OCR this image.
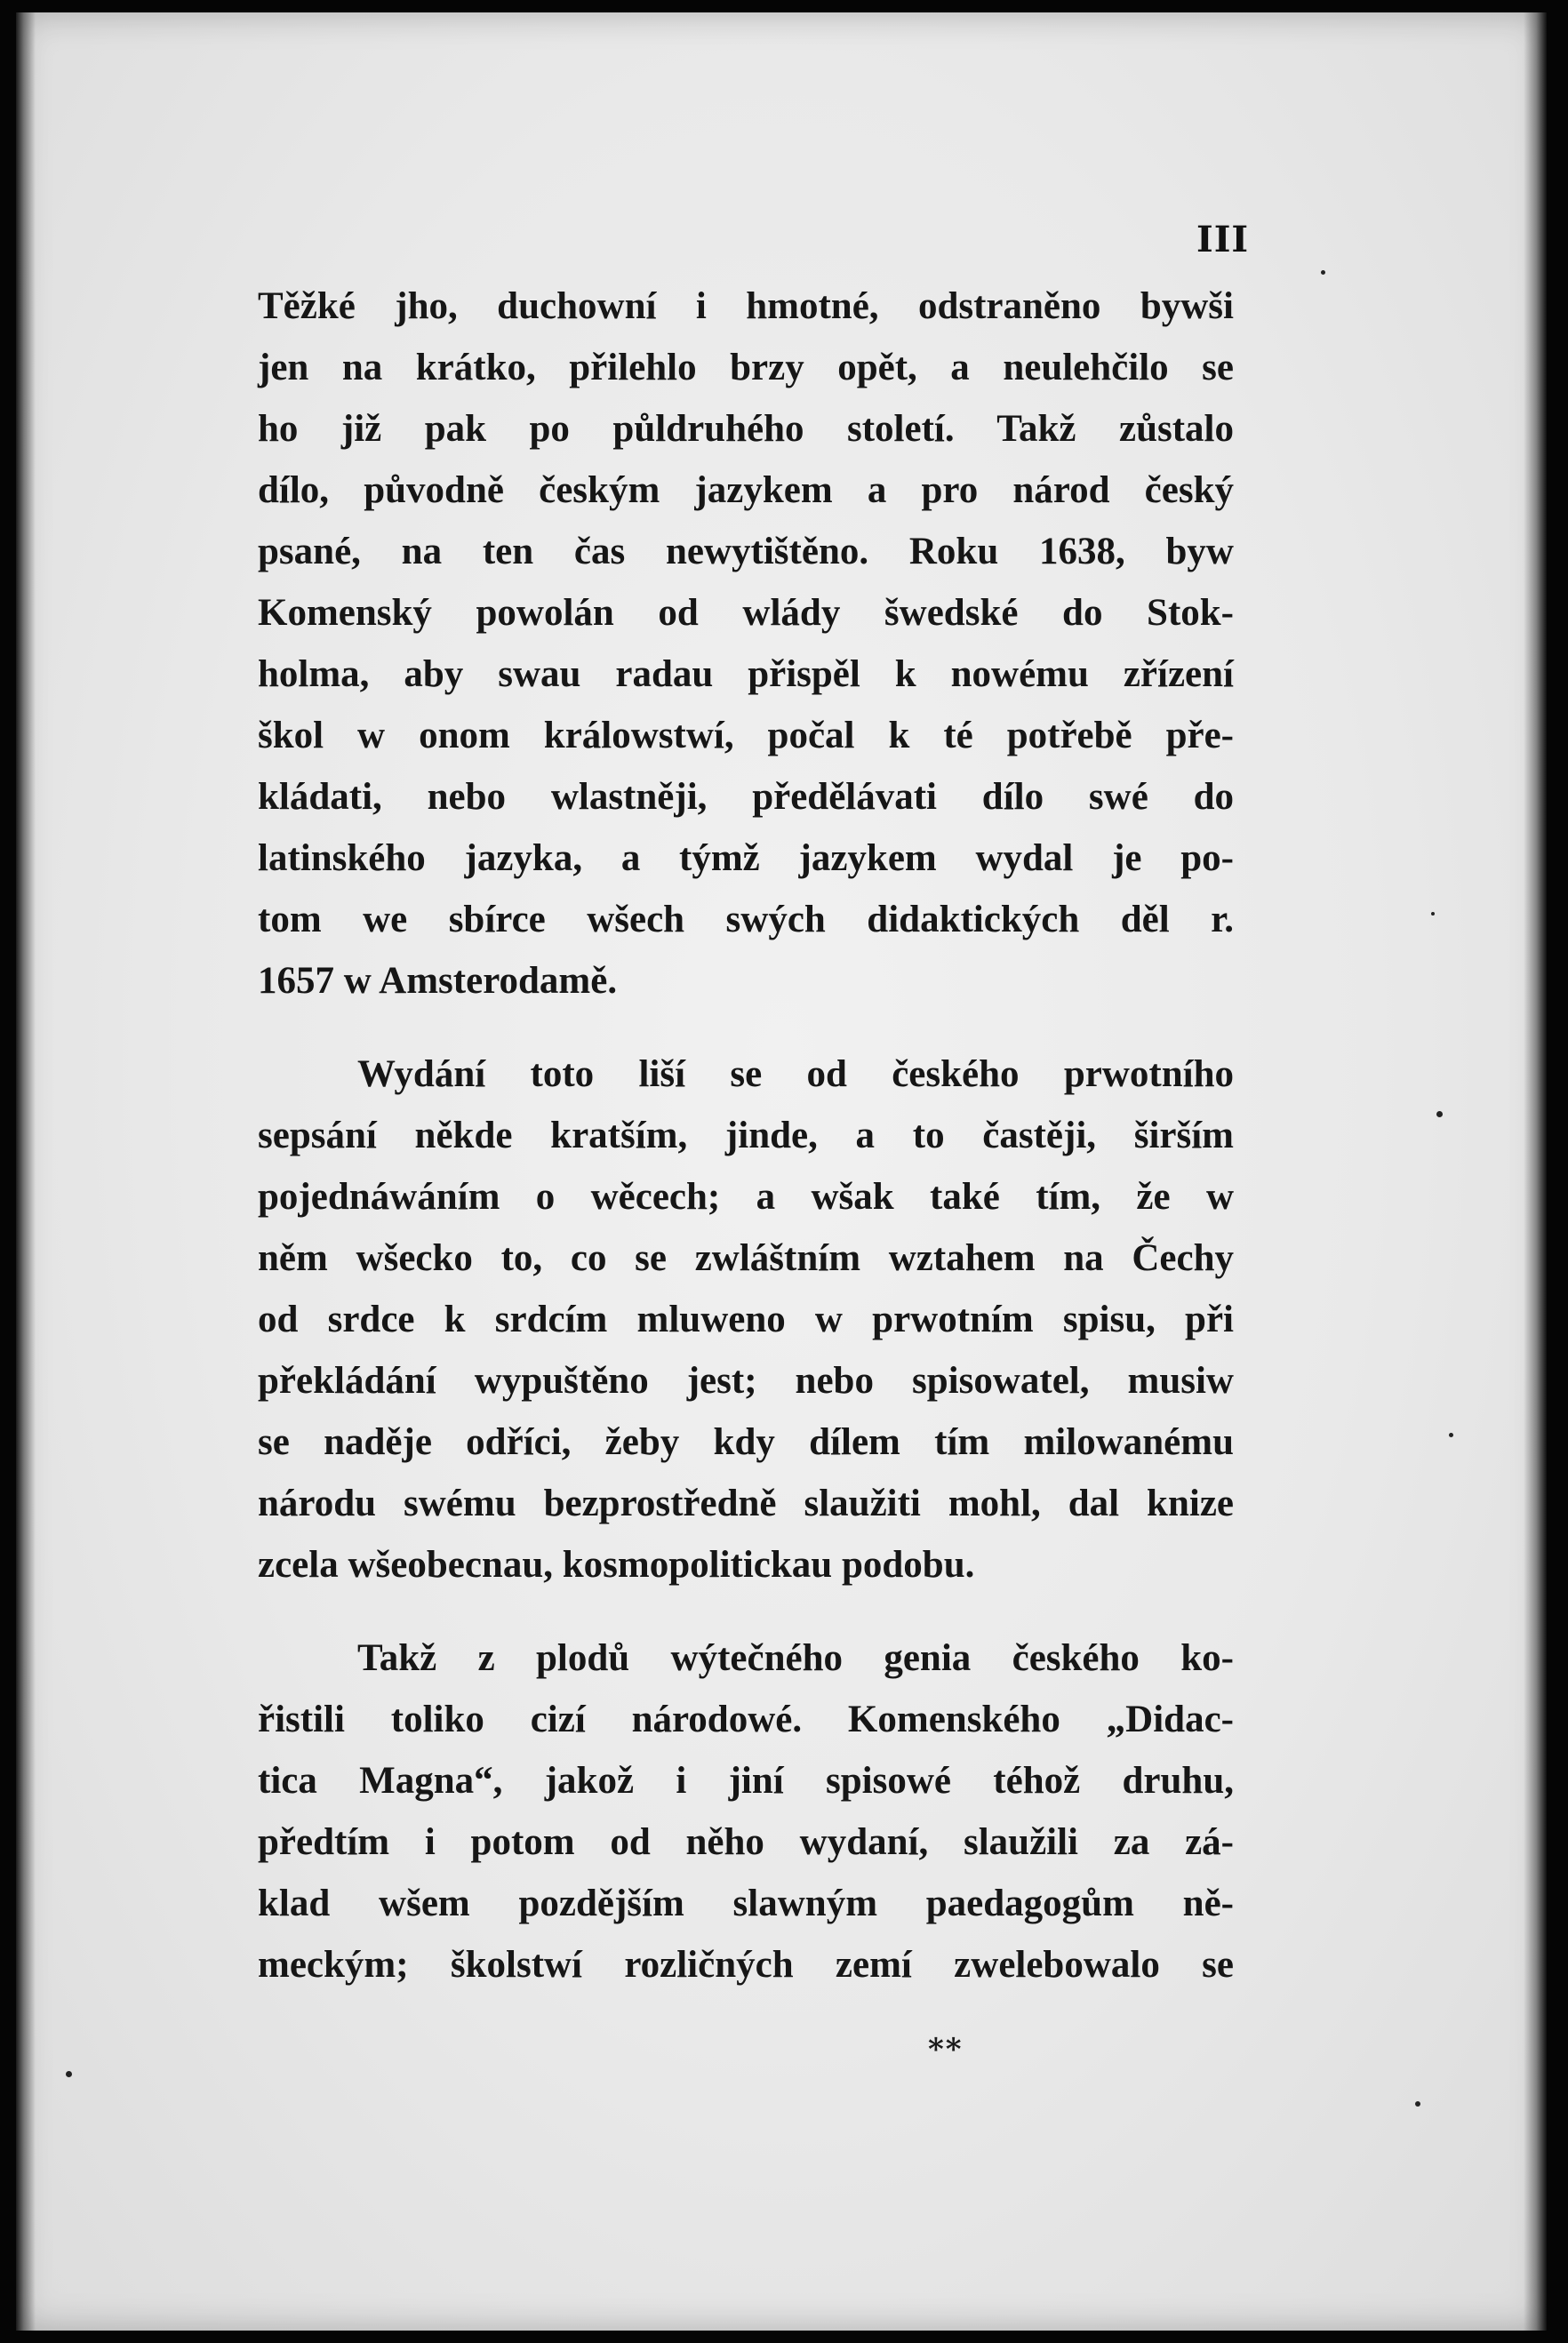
III
Těžké jho, duchowní i hmotné, odstraněno bywši
jen na krátko, přilehlo brzy opět, a neulehčilo se
ho již pak po půldruhého století. Takž zůstalo
dílo, původně českým jazykem a pro národ český
psané, na ten čas newytištěno. Roku 1638, byw
Komenský powolán od wlády šwedské do Stok-
holma, aby swau radau přispěl k nowému zřízení
škol w onom králowstwí, počal k té potřebě pře-
kládati, nebo wlastněji, předělávati dílo swé do
latinského jazyka, a týmž jazykem wydal je po-
tom we sbírce wšech swých didaktických děl r.
1657 w Amsterodamě.
Wydání toto liší se od českého prwotního
sepsání někde kratším, jinde, a to častěji, širším
pojednáwáním o wěcech; a wšak také tím, že w
něm wšecko to, co se zwláštním wztahem na Čechy
od srdce k srdcím mluweno w prwotním spisu, při
překládání wypuštěno jest; nebo spisowatel, musiw
se naděje odříci, žeby kdy dílem tím milowanému
národu swému bezprostředně slaužiti mohl, dal knize
zcela wšeobecnau, kosmopolitickau podobu.
Takž z plodů wýtečného genia českého ko-
řistili toliko cizí národowé. Komenského „Didac-
tica Magna“, jakož i jiní spisowé téhož druhu,
předtím i potom od něho wydaní, slaužili za zá-
klad wšem pozdějším slawným paedagogům ně-
meckým; školstwí rozličných zemí zwelebowalo se
**
